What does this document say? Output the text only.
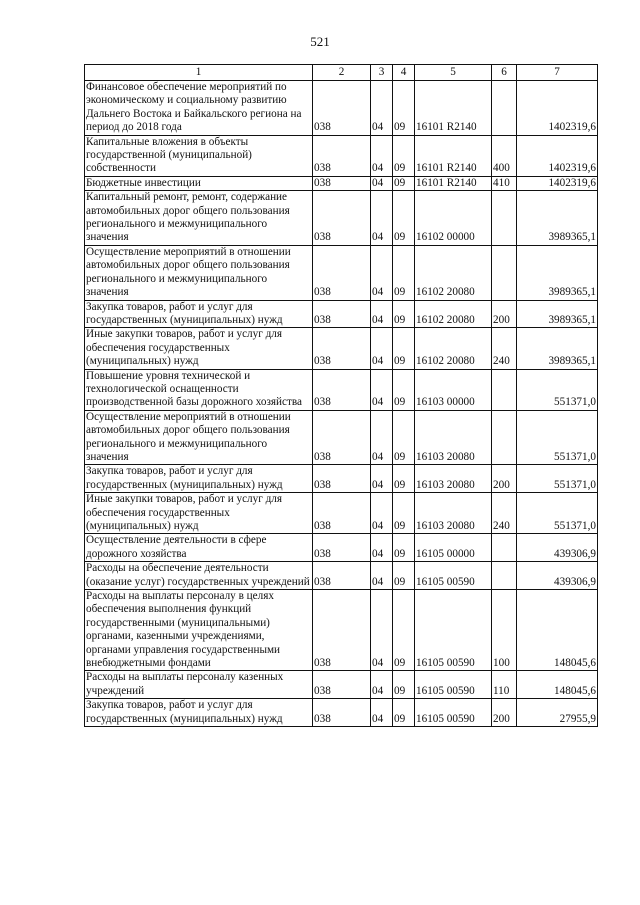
521
1	2	3	4	5	6	7
Финансовое обеспечение мероприятий по экономическому и социальному развитию Дальнего Востока и Байкальского региона на период до 2018 года	038	04	09	16101 R2140		1402319,6
Капитальные вложения в объекты государственной (муниципальной) собственности	038	04	09	16101 R2140	400	1402319,6
Бюджетные инвестиции	038	04	09	16101 R2140	410	1402319,6
Капитальный ремонт, ремонт, содержание автомобильных дорог общего пользования регионального и межмуниципального значения	038	04	09	16102 00000		3989365,1
Осуществление мероприятий в отношении автомобильных дорог общего пользования регионального и межмуниципального значения	038	04	09	16102 20080		3989365,1
Закупка товаров, работ и услуг для государственных (муниципальных) нужд	038	04	09	16102 20080	200	3989365,1
Иные закупки товаров, работ и услуг для обеспечения государственных (муниципальных) нужд	038	04	09	16102 20080	240	3989365,1
Повышение уровня технической и технологической оснащенности производственной базы дорожного хозяйства	038	04	09	16103 00000		551371,0
Осуществление мероприятий в отношении автомобильных дорог общего пользования регионального и межмуниципального значения	038	04	09	16103 20080		551371,0
Закупка товаров, работ и услуг для государственных (муниципальных) нужд	038	04	09	16103 20080	200	551371,0
Иные закупки товаров, работ и услуг для обеспечения государственных (муниципальных) нужд	038	04	09	16103 20080	240	551371,0
Осуществление деятельности в сфере дорожного хозяйства	038	04	09	16105 00000		439306,9
Расходы на обеспечение деятельности (оказание услуг) государственных учреждений	038	04	09	16105 00590		439306,9
Расходы на выплаты персоналу в целях обеспечения выполнения функций государственными (муниципальными) органами, казенными учреждениями, органами управления государственными внебюджетными фондами	038	04	09	16105 00590	100	148045,6
Расходы на выплаты персоналу казенных учреждений	038	04	09	16105 00590	110	148045,6
Закупка товаров, работ и услуг для государственных (муниципальных) нужд	038	04	09	16105 00590	200	27955,9
